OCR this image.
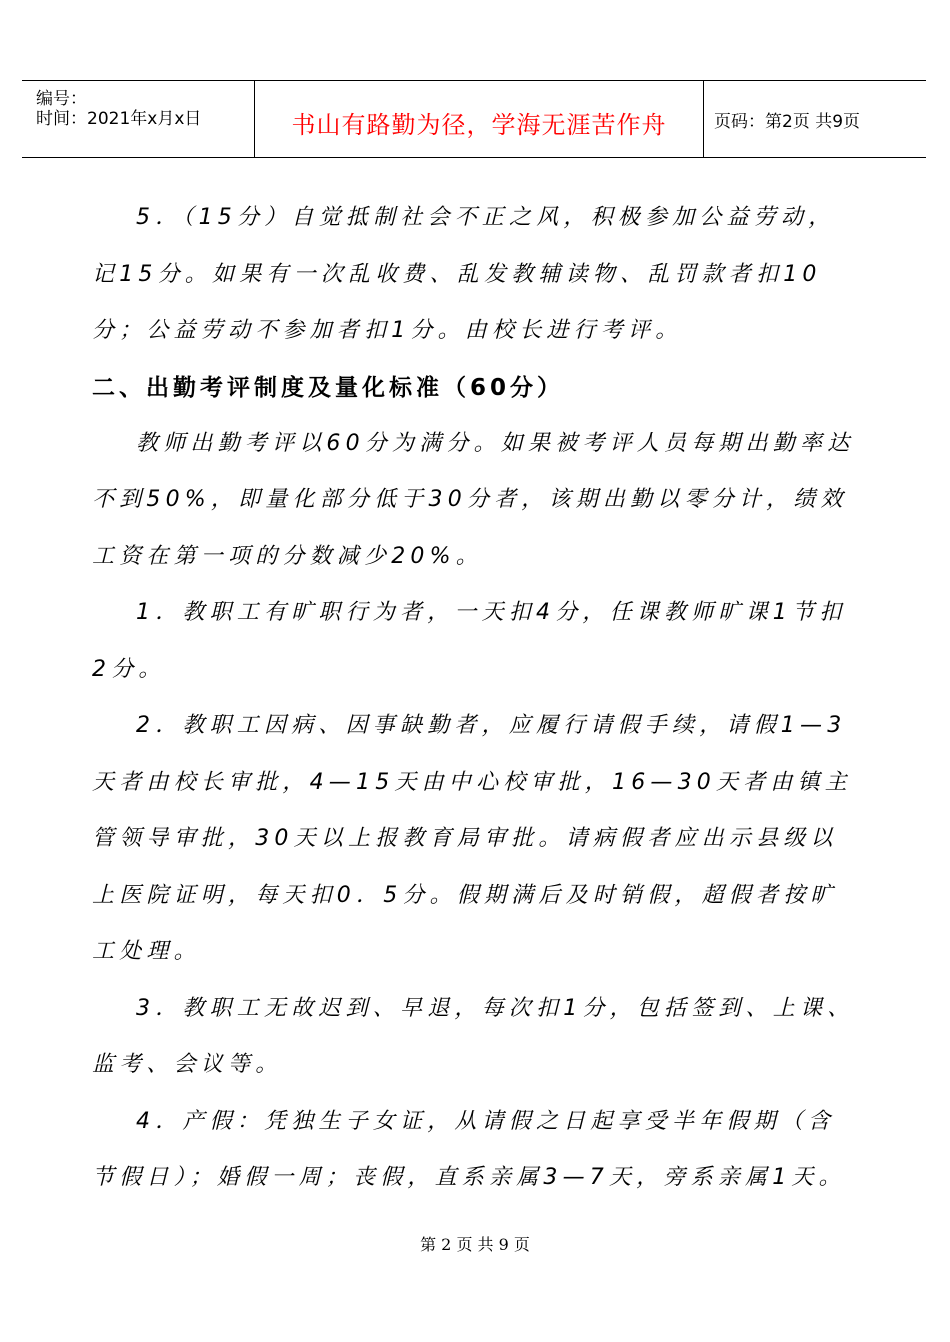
编号：
时间：2021年x月x日	书山有路勤为径，学海无涯苦作舟	页码：第2页 共9页

5．（15分）自觉抵制社会不正之风，积极参加公益劳动，记15分。如果有一次乱收费、乱发教辅读物、乱罚款者扣10分；公益劳动不参加者扣1分。由校长进行考评。

二、出勤考评制度及量化标准（60分）

教师出勤考评以60分为满分。如果被考评人员每期出勤率达不到50%，即量化部分低于30分者，该期出勤以零分计，绩效工资在第一项的分数减少20%。

1．教职工有旷职行为者，一天扣4分，任课教师旷课1节扣2分。

2．教职工因病、因事缺勤者，应履行请假手续，请假1—3天者由校长审批，4—15天由中心校审批，16—30天者由镇主管领导审批，30天以上报教育局审批。请病假者应出示县级以上医院证明，每天扣0．5分。假期满后及时销假，超假者按旷工处理。

3．教职工无故迟到、早退，每次扣1分，包括签到、上课、监考、会议等。

4．产假：凭独生子女证，从请假之日起享受半年假期（含节假日）；婚假一周；丧假，直系亲属3—7天，旁系亲属1天。

第 2 页 共 9 页
